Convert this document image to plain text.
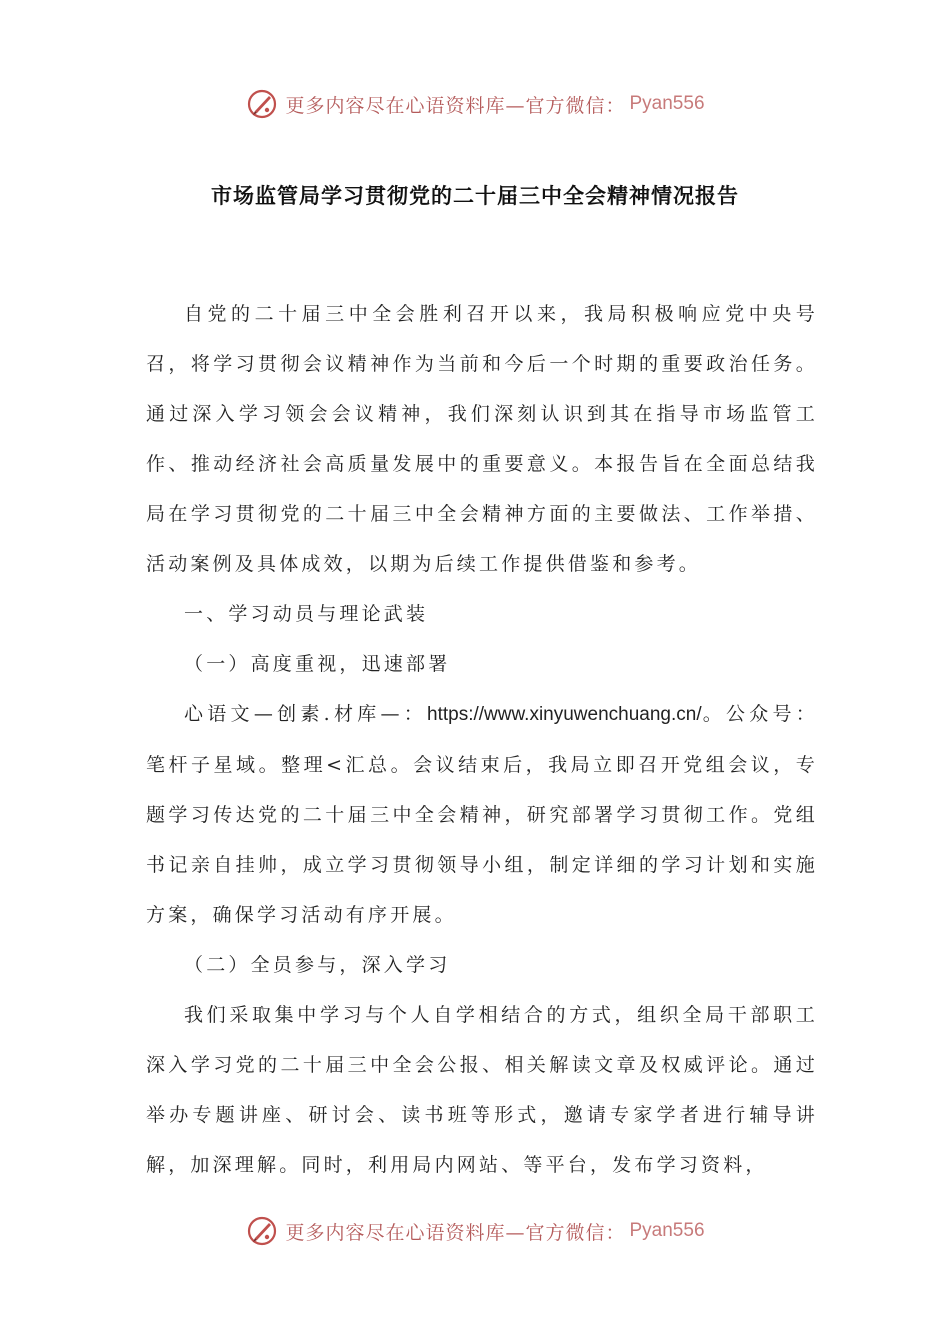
更多内容尽在心语资料库—官方微信： Pyan556
市场监管局学习贯彻党的二十届三中全会精神情况报告

自党的二十届三中全会胜利召开以来，我局积极响应党中央号召，将学习贯彻会议精神作为当前和今后一个时期的重要政治任务。通过深入学习领会会议精神，我们深刻认识到其在指导市场监管工作、推动经济社会高质量发展中的重要意义。本报告旨在全面总结我局在学习贯彻党的二十届三中全会精神方面的主要做法、工作举措、活动案例及具体成效，以期为后续工作提供借鉴和参考。

一、学习动员与理论武装

（一）高度重视，迅速部署

心语文—创素.材库—：https://www.xinyuwenchuang.cn/。公众号：笔杆子星域。整理<汇总。会议结束后，我局立即召开党组会议，专题学习传达党的二十届三中全会精神，研究部署学习贯彻工作。党组书记亲自挂帅，成立学习贯彻领导小组，制定详细的学习计划和实施方案，确保学习活动有序开展。

（二）全员参与，深入学习

我们采取集中学习与个人自学相结合的方式，组织全局干部职工深入学习党的二十届三中全会公报、相关解读文章及权威评论。通过举办专题讲座、研讨会、读书班等形式，邀请专家学者进行辅导讲解，加深理解。同时，利用局内网站、等平台，发布学习资料，

更多内容尽在心语资料库—官方微信： Pyan556
